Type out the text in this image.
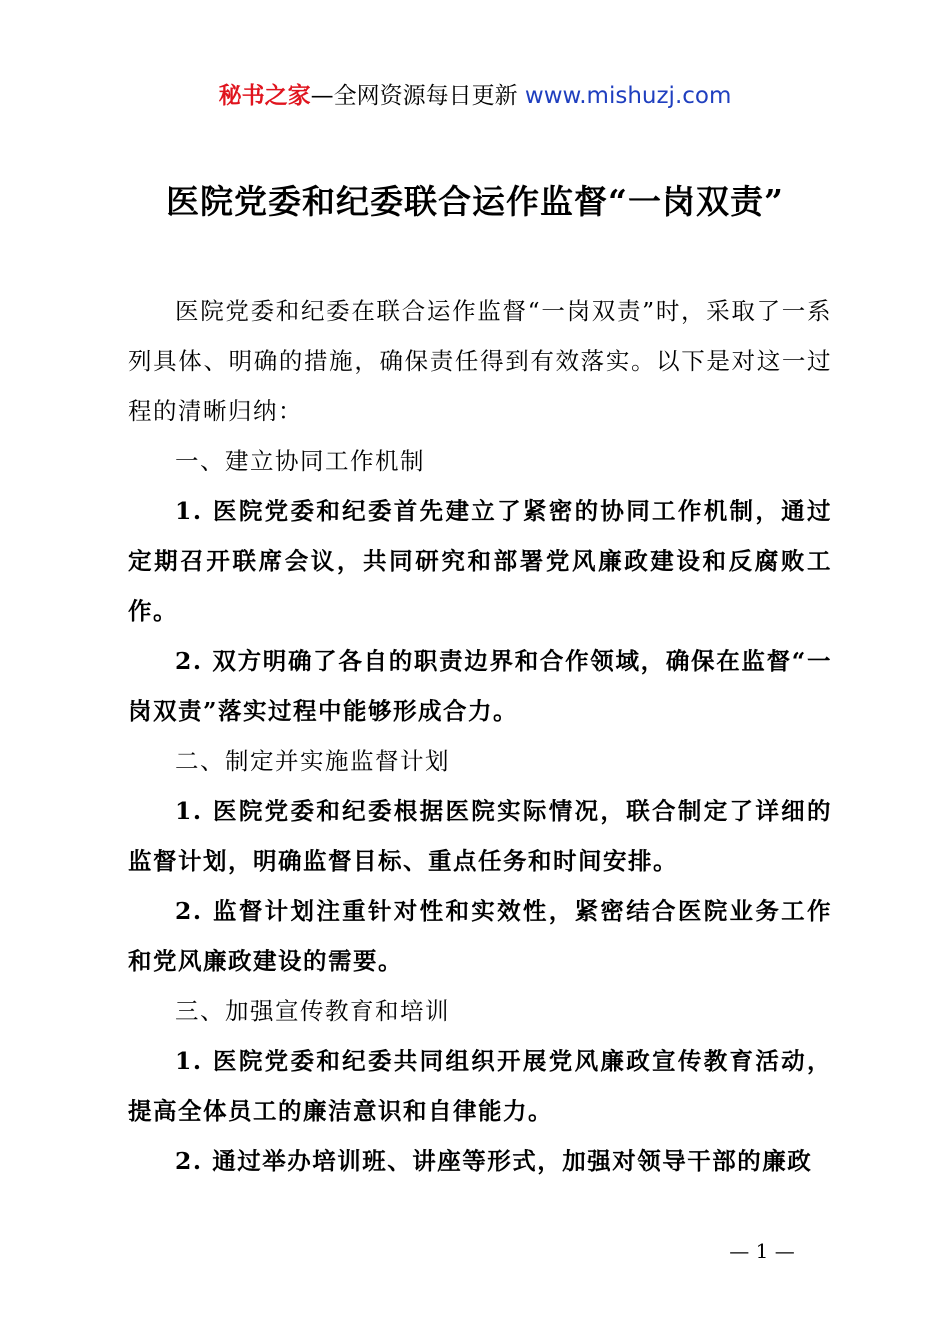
秘书之家—全网资源每日更新 www.mishuzj.com
医院党委和纪委联合运作监督“一岗双责”

医院党委和纪委在联合运作监督“一岗双责”时，采取了一系列具体、明确的措施，确保责任得到有效落实。以下是对这一过程的清晰归纳：

一、建立协同工作机制

1. 医院党委和纪委首先建立了紧密的协同工作机制，通过定期召开联席会议，共同研究和部署党风廉政建设和反腐败工作。

2. 双方明确了各自的职责边界和合作领域，确保在监督“一岗双责”落实过程中能够形成合力。

二、制定并实施监督计划

1. 医院党委和纪委根据医院实际情况，联合制定了详细的监督计划，明确监督目标、重点任务和时间安排。

2. 监督计划注重针对性和实效性，紧密结合医院业务工作和党风廉政建设的需要。

三、加强宣传教育和培训

1. 医院党委和纪委共同组织开展党风廉政宣传教育活动，提高全体员工的廉洁意识和自律能力。

2. 通过举办培训班、讲座等形式，加强对领导干部的廉政

— 1 —
